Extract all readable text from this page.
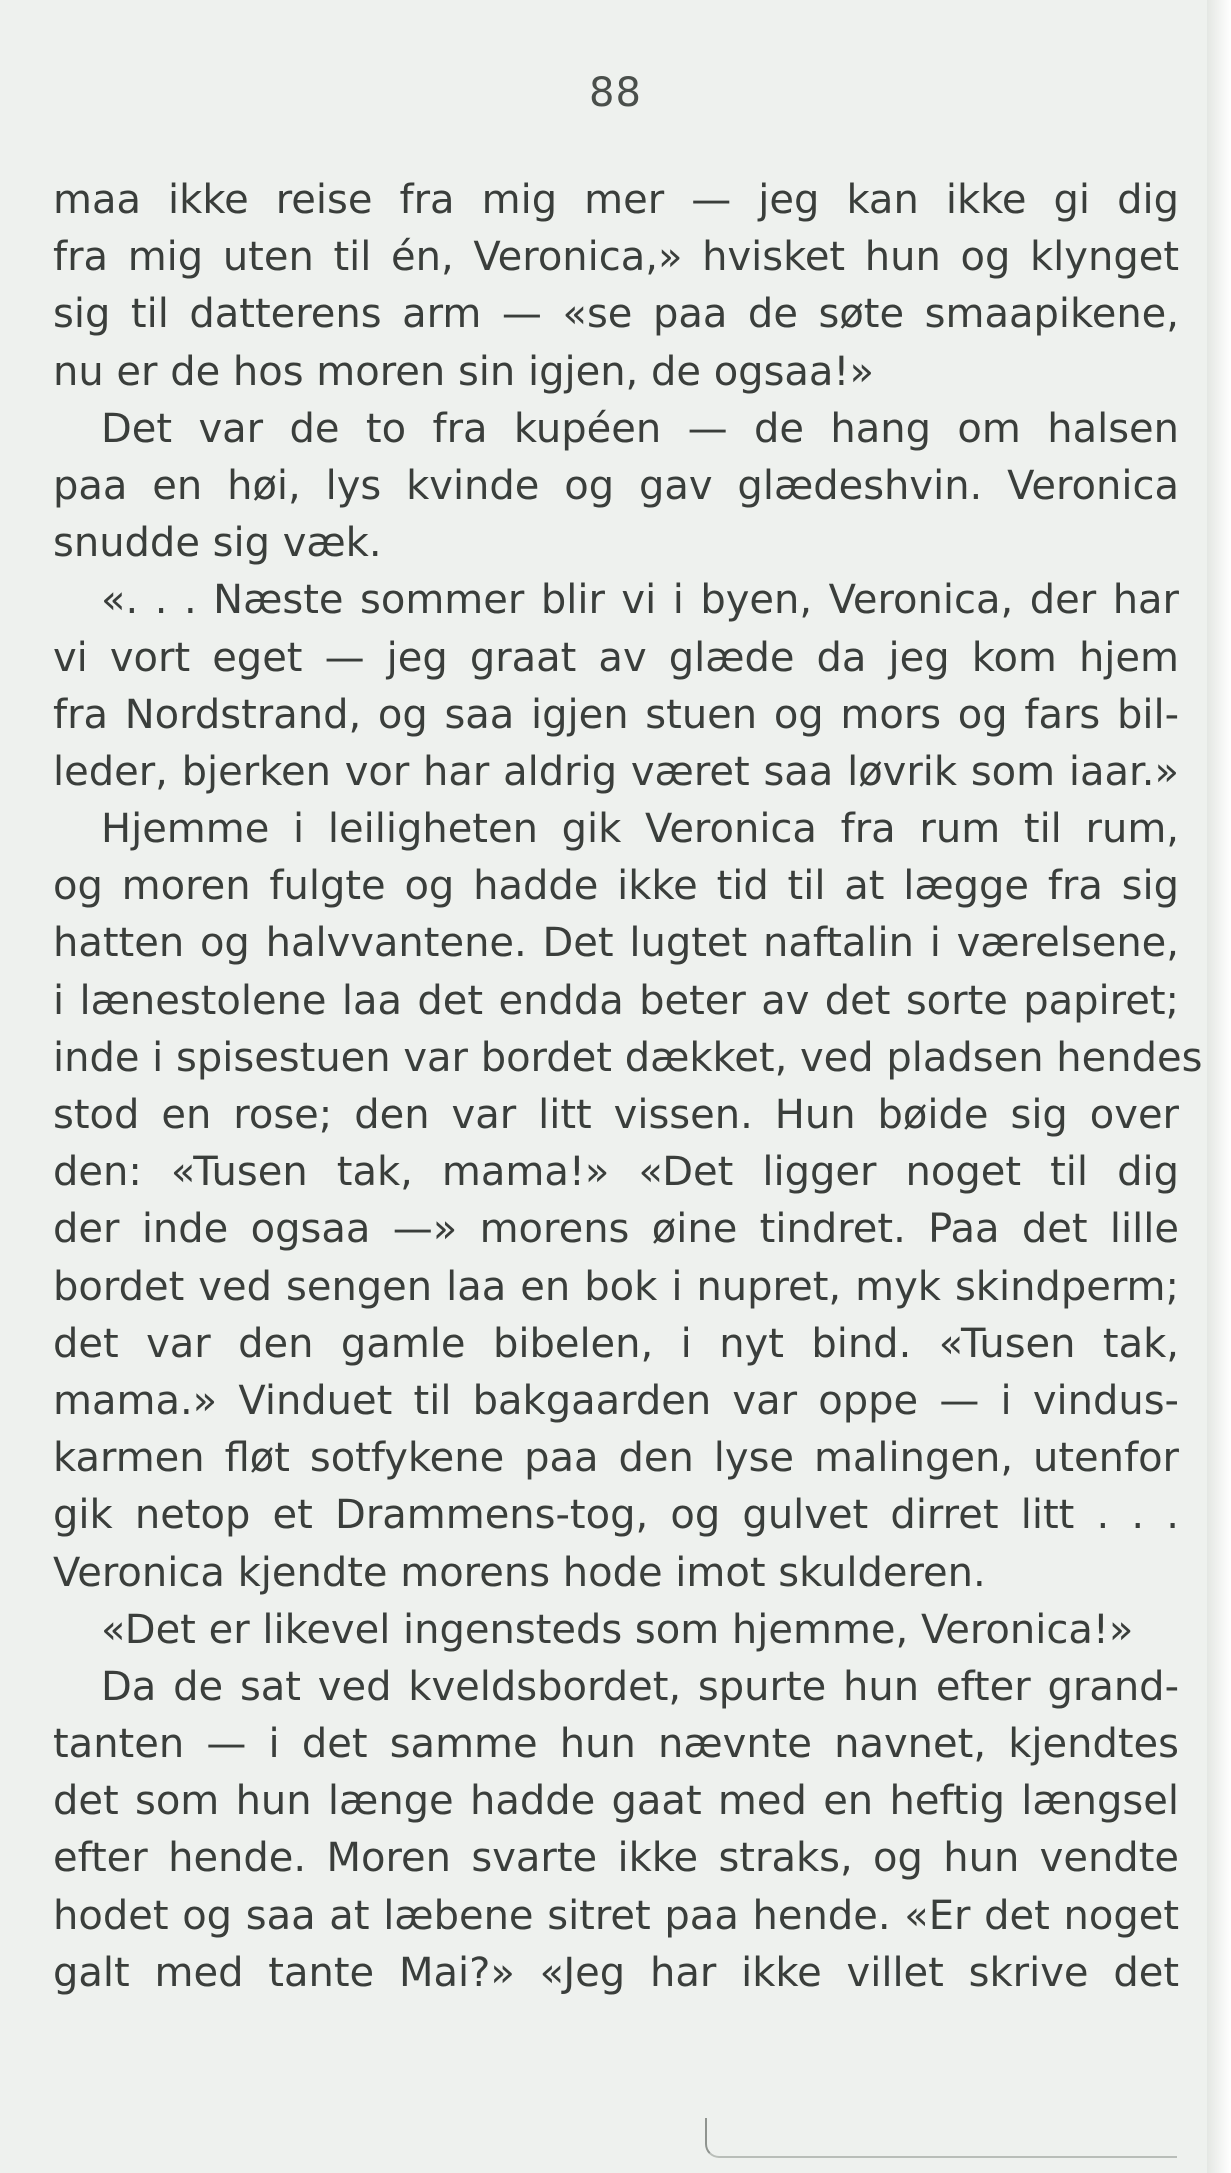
88
maa ikke reise fra mig mer — jeg kan ikke gi dig
fra mig uten til én, Veronica,» hvisket hun og klynget
sig til datterens arm — «se paa de søte smaapikene,
nu er de hos moren sin igjen, de ogsaa!»
Det var de to fra kupéen — de hang om halsen
paa en høi, lys kvinde og gav glædeshvin. Veronica
snudde sig væk.
«. . . Næste sommer blir vi i byen, Veronica, der har
vi vort eget — jeg graat av glæde da jeg kom hjem
fra Nordstrand, og saa igjen stuen og mors og fars bil-
leder, bjerken vor har aldrig været saa løvrik som iaar.»
Hjemme i leiligheten gik Veronica fra rum til rum,
og moren fulgte og hadde ikke tid til at lægge fra sig
hatten og halvvantene. Det lugtet naftalin i værelsene,
i lænestolene laa det endda beter av det sorte papiret;
inde i spisestuen var bordet dækket, ved pladsen hendes
stod en rose; den var litt vissen. Hun bøide sig over
den: «Tusen tak, mama!» «Det ligger noget til dig
der inde ogsaa —» morens øine tindret. Paa det lille
bordet ved sengen laa en bok i nupret, myk skindperm;
det var den gamle bibelen, i nyt bind. «Tusen tak,
mama.» Vinduet til bakgaarden var oppe — i vindus-
karmen fløt sotfykene paa den lyse malingen, utenfor
gik netop et Drammens-tog, og gulvet dirret litt . . .
Veronica kjendte morens hode imot skulderen.
«Det er likevel ingensteds som hjemme, Veronica!»
Da de sat ved kveldsbordet, spurte hun efter grand-
tanten — i det samme hun nævnte navnet, kjendtes
det som hun længe hadde gaat med en heftig længsel
efter hende. Moren svarte ikke straks, og hun vendte
hodet og saa at læbene sitret paa hende. «Er det noget
galt med tante Mai?» «Jeg har ikke villet skrive det
